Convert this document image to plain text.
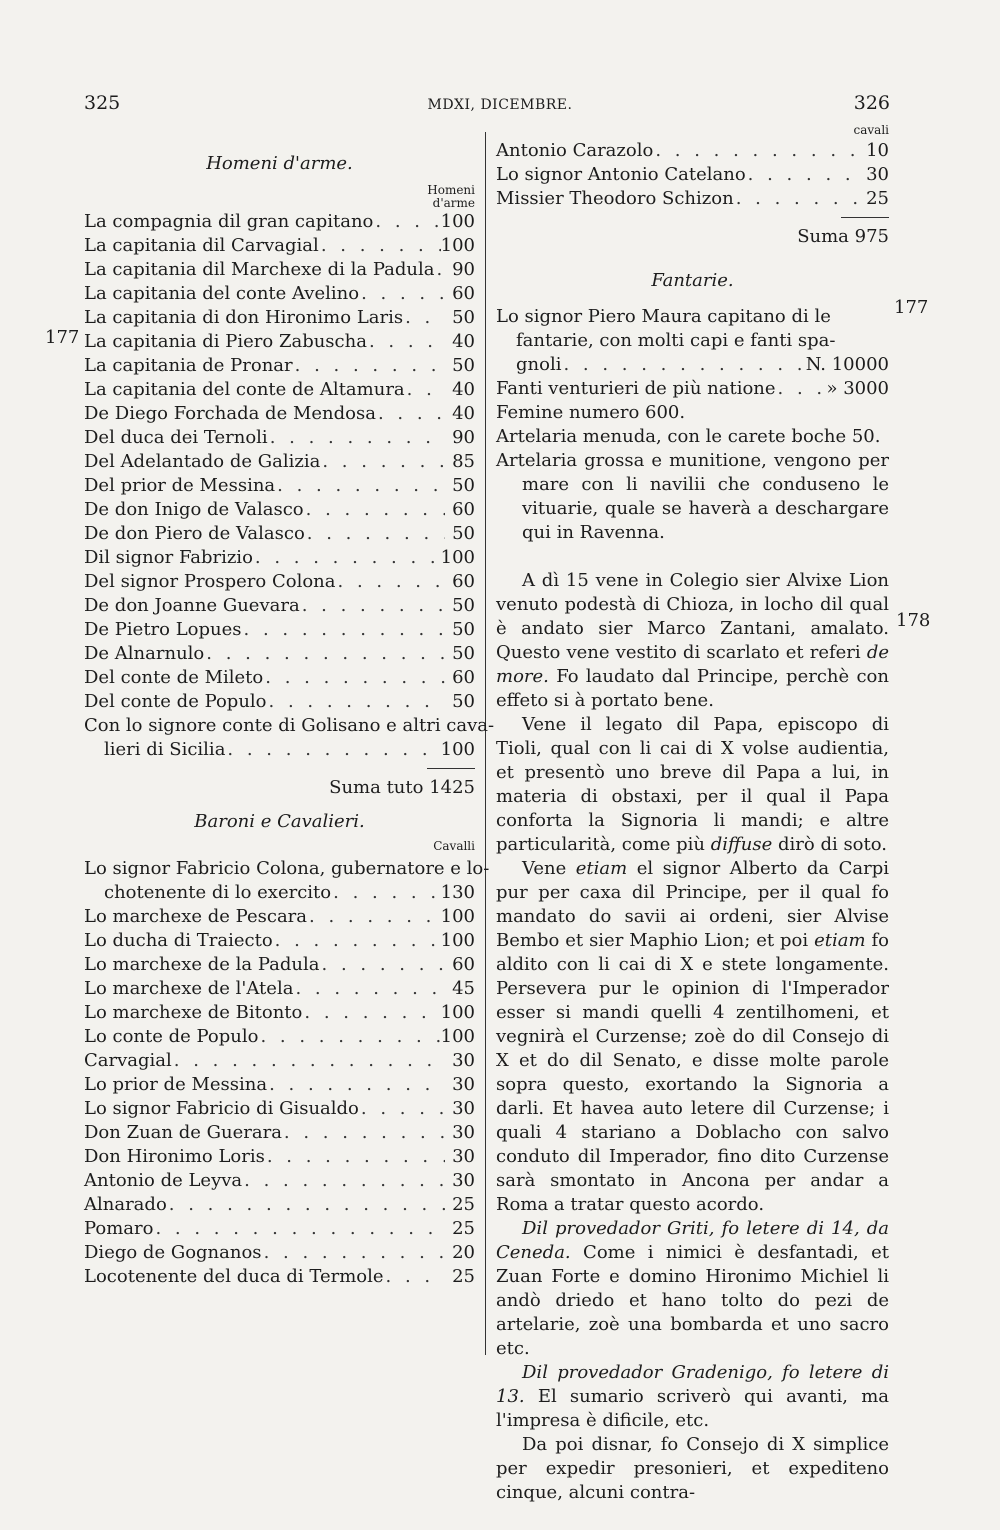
325	MDXI, DICEMBRE.	326
177
177
178
Homeni d'arme.
Homeni
d'arme
La compagnia dil gran capitano . . .	100
La capitania dil Carvagial . . .	100
La capitania dil Marchexe di la Padula . . . 90
La capitania del conte Avelino . . .	60
La capitania di don Hironimo Laris . . .	50
La capitania di Piero Zabuscha . . .	40
La capitania de Pronar . . .	50
La capitania del conte de Altamura . . .	40
De Diego Forchada de Mendosa . . .	40
Del duca dei Ternoli . . .	90
Del Adelantado de Galizia . . .	85
Del prior de Messina . . .	50
De don Inigo de Valasco . . .	60
De don Piero de Valasco . . .	50
Dil signor Fabrizio . . .	100
Del signor Prospero Colona . . .	60
De don Joanne Guevara . . .	50
De Pietro Lopues . . .	50
De Alnarnulo . . .	50
Del conte de Mileto . . .	60
Del conte de Populo . . .	50
Con lo signore conte di Golisano e altri cava-
lieri di Sicilia . . .	100
Suma tuto 1425
Baroni e Cavalieri.
Cavalli
Lo signor Fabricio Colona, gubernatore e lo-
chotenente di lo exercito . . .	130
Lo marchexe de Pescara . . .	100
Lo ducha di Traiecto . . .	100
Lo marchexe de la Padula . . .	60
Lo marchexe de l'Atela . . .	45
Lo marchexe de Bitonto . . .	100
Lo conte de Populo . . .	100
Carvagial . . .	30
Lo prior de Messina . . .	30
Lo signor Fabricio di Gisualdo . . .	30
Don Zuan de Guerara . . .	30
Don Hironimo Loris . . .	30
Antonio de Leyva . . .	30
Alnarado . . .	25
Pomaro . . .	25
Diego de Gognanos . . .	20
Locotenente del duca di Termole . . .	25
cavali
Antonio Carazolo . . .	10
Lo signor Antonio Catelano . . .	30
Missier Theodoro Schizon . . .	25
Suma 975
Fantarie.
Lo signor Piero Maura capitano di le
fantarie, con molti capi e fanti spa-
gnoli . . .	N. 10000
Fanti venturieri de più natione . . .	» 3000
Femine numero 600.
Artelaria menuda, con le carete boche 50.

Artelaria grossa e munitione, vengono per mare con li navilii che conduseno le vituarie, quale se haverà a deschargare qui in Ravenna.

A dì 15 vene in Colegio sier Alvixe Lion venuto podestà di Chioza, in locho dil qual è andato sier Marco Zantani, amalato. Questo vene vestito di scarlato et referi de more. Fo laudato dal Principe, perchè con effeto si à portato bene.

Vene il legato dil Papa, episcopo di Tioli, qual con li cai di X volse audientia, et presentò uno breve dil Papa a lui, in materia di obstaxi, per il qual il Papa conforta la Signoria li mandi; e altre particularità, come più diffuse dirò di soto.

Vene etiam el signor Alberto da Carpi pur per caxa dil Principe, per il qual fo mandato do savii ai ordeni, sier Alvise Bembo et sier Maphio Lion; et poi etiam fo aldito con li cai di X e stete longamente. Persevera pur le opinion di l'Imperador esser si mandi quelli 4 zentilhomeni, et vegnirà el Curzense; zoè do dil Consejo di X et do dil Senato, e disse molte parole sopra questo, exortando la Signoria a darli. Et havea auto letere dil Curzense; i quali 4 stariano a Doblacho con salvo conduto dil Imperador, fino dito Curzense sarà smontato in Ancona per andar a Roma a tratar questo acordo.

Dil provedador Griti, fo letere di 14, da Ceneda. Come i nimici è desfantadi, et Zuan Forte e domino Hironimo Michiel li andò driedo et hano tolto do pezi de artelarie, zoè una bombarda et uno sacro etc.

Dil provedador Gradenigo, fo letere di 13. El sumario scriverò qui avanti, ma l'impresa è dificile, etc.

Da poi disnar, fo Consejo di X simplice per expedir presonieri, et expediteno cinque, alcuni contra-
